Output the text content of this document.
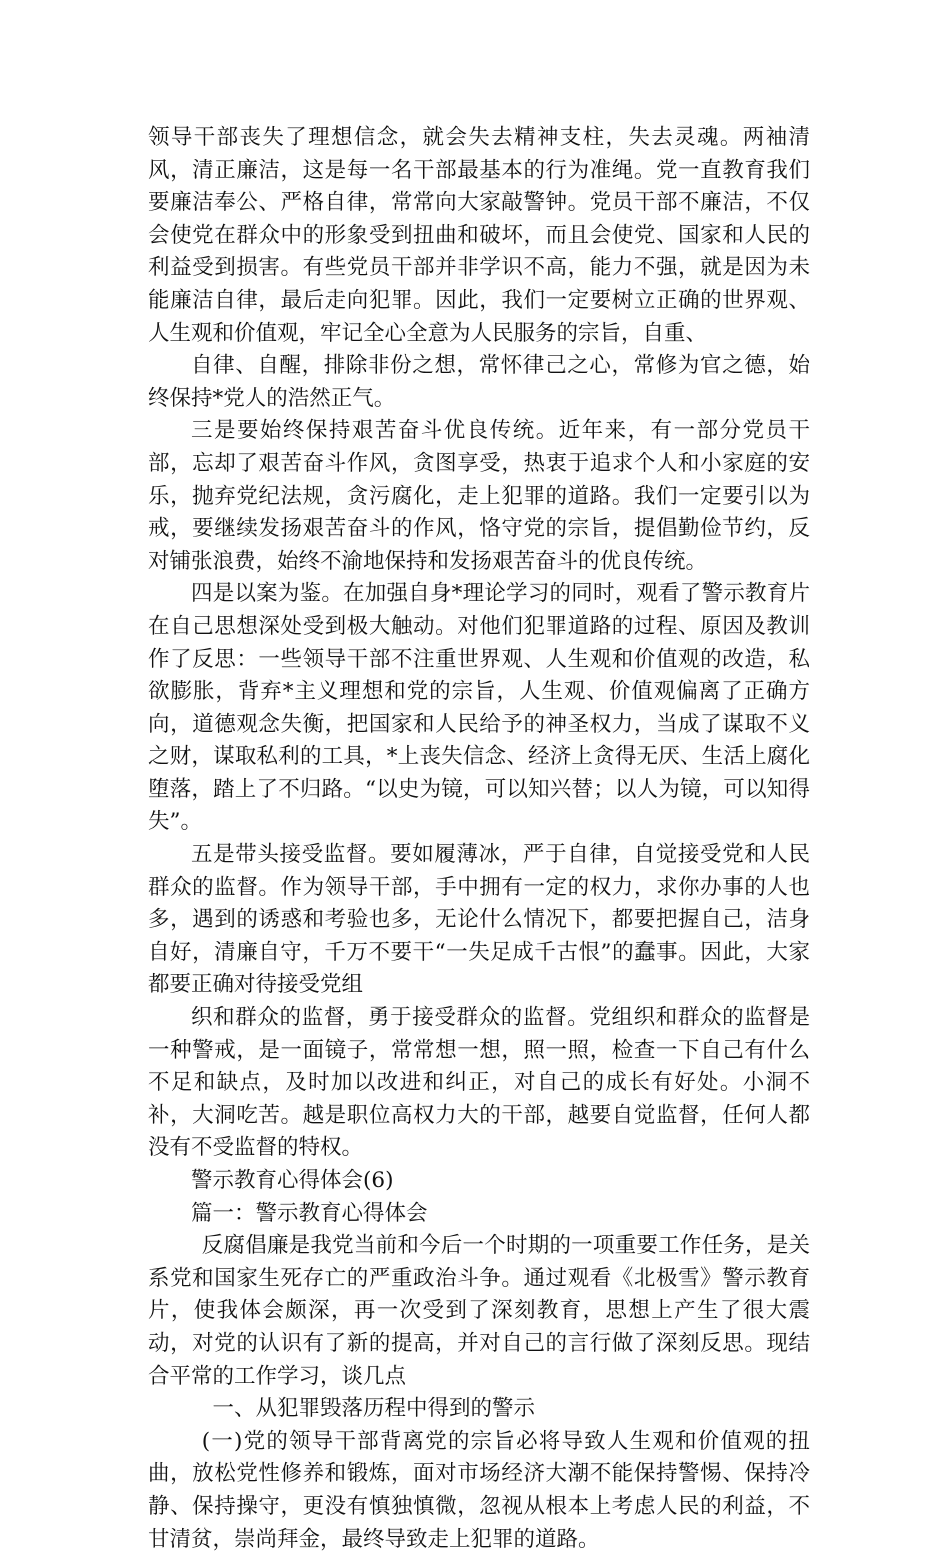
领导干部丧失了理想信念，就会失去精神支柱，失去灵魂。两袖清风，清正廉洁，这是每一名干部最基本的行为准绳。党一直教育我们要廉洁奉公、严格自律，常常向大家敲警钟。党员干部不廉洁，不仅会使党在群众中的形象受到扭曲和破坏，而且会使党、国家和人民的利益受到损害。有些党员干部并非学识不高，能力不强，就是因为未能廉洁自律，最后走向犯罪。因此，我们一定要树立正确的世界观、人生观和价值观，牢记全心全意为人民服务的宗旨，自重、

自律、自醒，排除非份之想，常怀律己之心，常修为官之德，始终保持*党人的浩然正气。

三是要始终保持艰苦奋斗优良传统。近年来，有一部分党员干部，忘却了艰苦奋斗作风，贪图享受，热衷于追求个人和小家庭的安乐，抛弃党纪法规，贪污腐化，走上犯罪的道路。我们一定要引以为戒，要继续发扬艰苦奋斗的作风，恪守党的宗旨，提倡勤俭节约，反对铺张浪费，始终不渝地保持和发扬艰苦奋斗的优良传统。

四是以案为鉴。在加强自身*理论学习的同时，观看了警示教育片在自己思想深处受到极大触动。对他们犯罪道路的过程、原因及教训作了反思：一些领导干部不注重世界观、人生观和价值观的改造，私欲膨胀，背弃*主义理想和党的宗旨，人生观、价值观偏离了正确方向，道德观念失衡，把国家和人民给予的神圣权力，当成了谋取不义之财，谋取私利的工具，*上丧失信念、经济上贪得无厌、生活上腐化堕落，踏上了不归路。“以史为镜，可以知兴替；以人为镜，可以知得失”。

五是带头接受监督。要如履薄冰，严于自律，自觉接受党和人民群众的监督。作为领导干部，手中拥有一定的权力，求你办事的人也多，遇到的诱惑和考验也多，无论什么情况下，都要把握自己，洁身自好，清廉自守，千万不要干“一失足成千古恨”的蠢事。因此，大家都要正确对待接受党组

织和群众的监督，勇于接受群众的监督。党组织和群众的监督是一种警戒，是一面镜子，常常想一想，照一照，检查一下自己有什么不足和缺点，及时加以改进和纠正，对自己的成长有好处。小洞不补，大洞吃苦。越是职位高权力大的干部，越要自觉监督，任何人都没有不受监督的特权。

警示教育心得体会(6)

篇一：警示教育心得体会

反腐倡廉是我党当前和今后一个时期的一项重要工作任务，是关系党和国家生死存亡的严重政治斗争。通过观看《北极雪》警示教育片，使我体会颇深，再一次受到了深刻教育，思想上产生了很大震动，对党的认识有了新的提高，并对自己的言行做了深刻反思。现结合平常的工作学习，谈几点

一、从犯罪毁落历程中得到的警示

(一)党的领导干部背离党的宗旨必将导致人生观和价值观的扭曲，放松党性修养和锻炼，面对市场经济大潮不能保持警惕、保持冷静、保持操守，更没有慎独慎微，忽视从根本上考虑人民的利益，不甘清贫，崇尚拜金，最终导致走上犯罪的道路。
